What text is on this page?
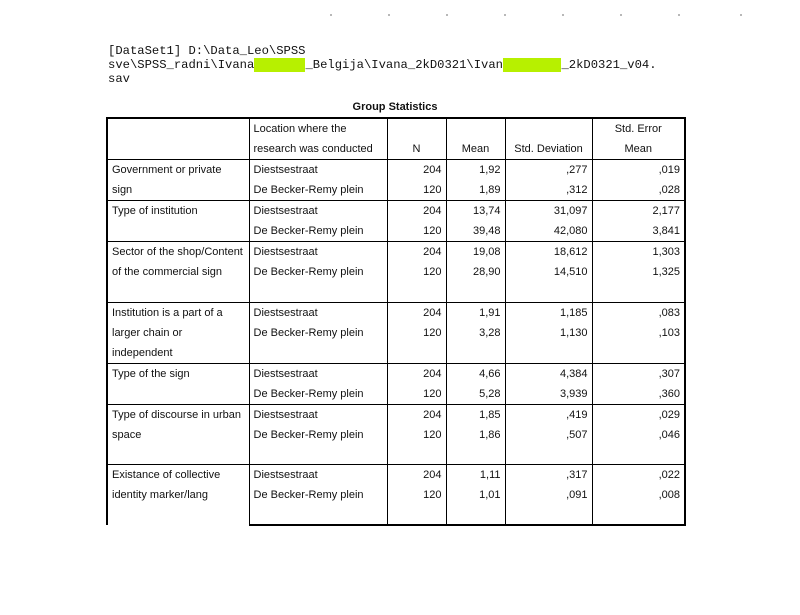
[DataSet1] D:\Data_Leo\SPSS
sve\SPSS_radni\Ivana	_Belgija\Ivana_2kD0321\Ivan	_2kD0321_v04.
sav
Group Statistics
	Location where the				Std. Error
	research was conducted	N	Mean	Std. Deviation	Mean
Government or private sign	Diestsestraat	204	1,92	,277	,019
	De Becker-Remy plein	120	1,89	,312	,028
Type of institution	Diestsestraat	204	13,74	31,097	2,177
	De Becker-Remy plein	120	39,48	42,080	3,841
Sector of the shop/Content of the commercial sign	Diestsestraat	204	19,08	18,612	1,303
	De Becker-Remy plein	120	28,90	14,510	1,325
Institution is a part of a larger chain or independent	Diestsestraat	204	1,91	1,185	,083
	De Becker-Remy plein	120	3,28	1,130	,103
Type of the sign	Diestsestraat	204	4,66	4,384	,307
	De Becker-Remy plein	120	5,28	3,939	,360
Type of discourse in urban space	Diestsestraat	204	1,85	,419	,029
	De Becker-Remy plein	120	1,86	,507	,046
Existance of collective identity marker/lang	Diestsestraat	204	1,11	,317	,022
	De Becker-Remy plein	120	1,01	,091	,008
